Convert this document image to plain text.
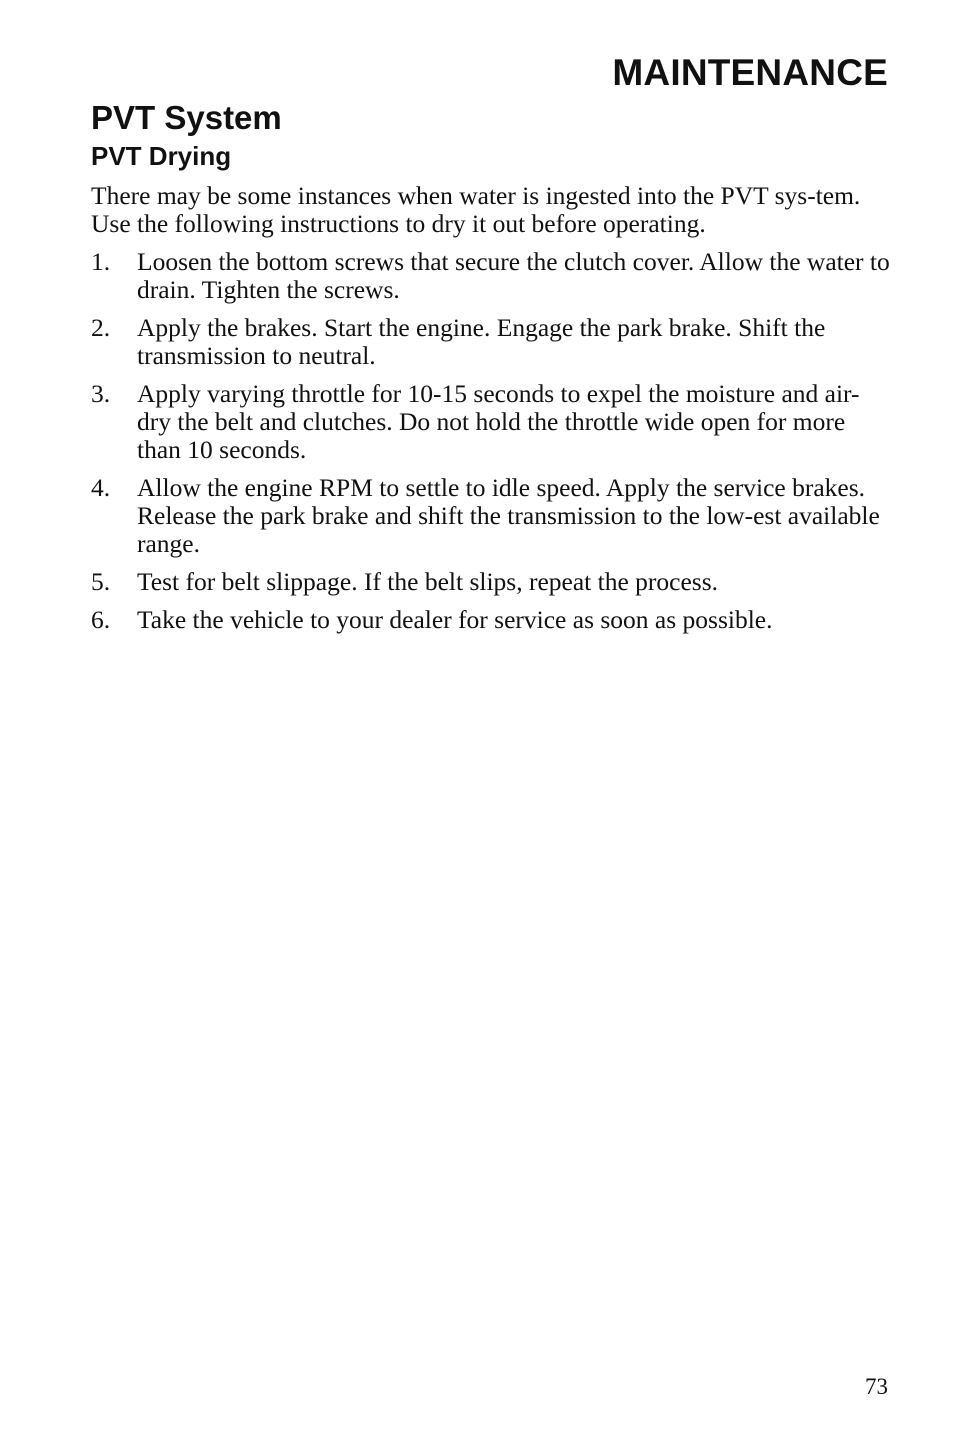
MAINTENANCE
PVT System
PVT Drying

There may be some instances when water is ingested into the PVT sys-tem. Use the following instructions to dry it out before operating.

1.	Loosen the bottom screws that secure the clutch cover. Allow the water to drain. Tighten the screws.
2.	Apply the brakes. Start the engine. Engage the park brake. Shift the transmission to neutral.
3.	Apply varying throttle for 10-15 seconds to expel the moisture and air-dry the belt and clutches. Do not hold the throttle wide open for more than 10 seconds.
4.	Allow the engine RPM to settle to idle speed. Apply the service brakes. Release the park brake and shift the transmission to the low-est available range.
5.	Test for belt slippage. If the belt slips, repeat the process.
6.	Take the vehicle to your dealer for service as soon as possible.

73
